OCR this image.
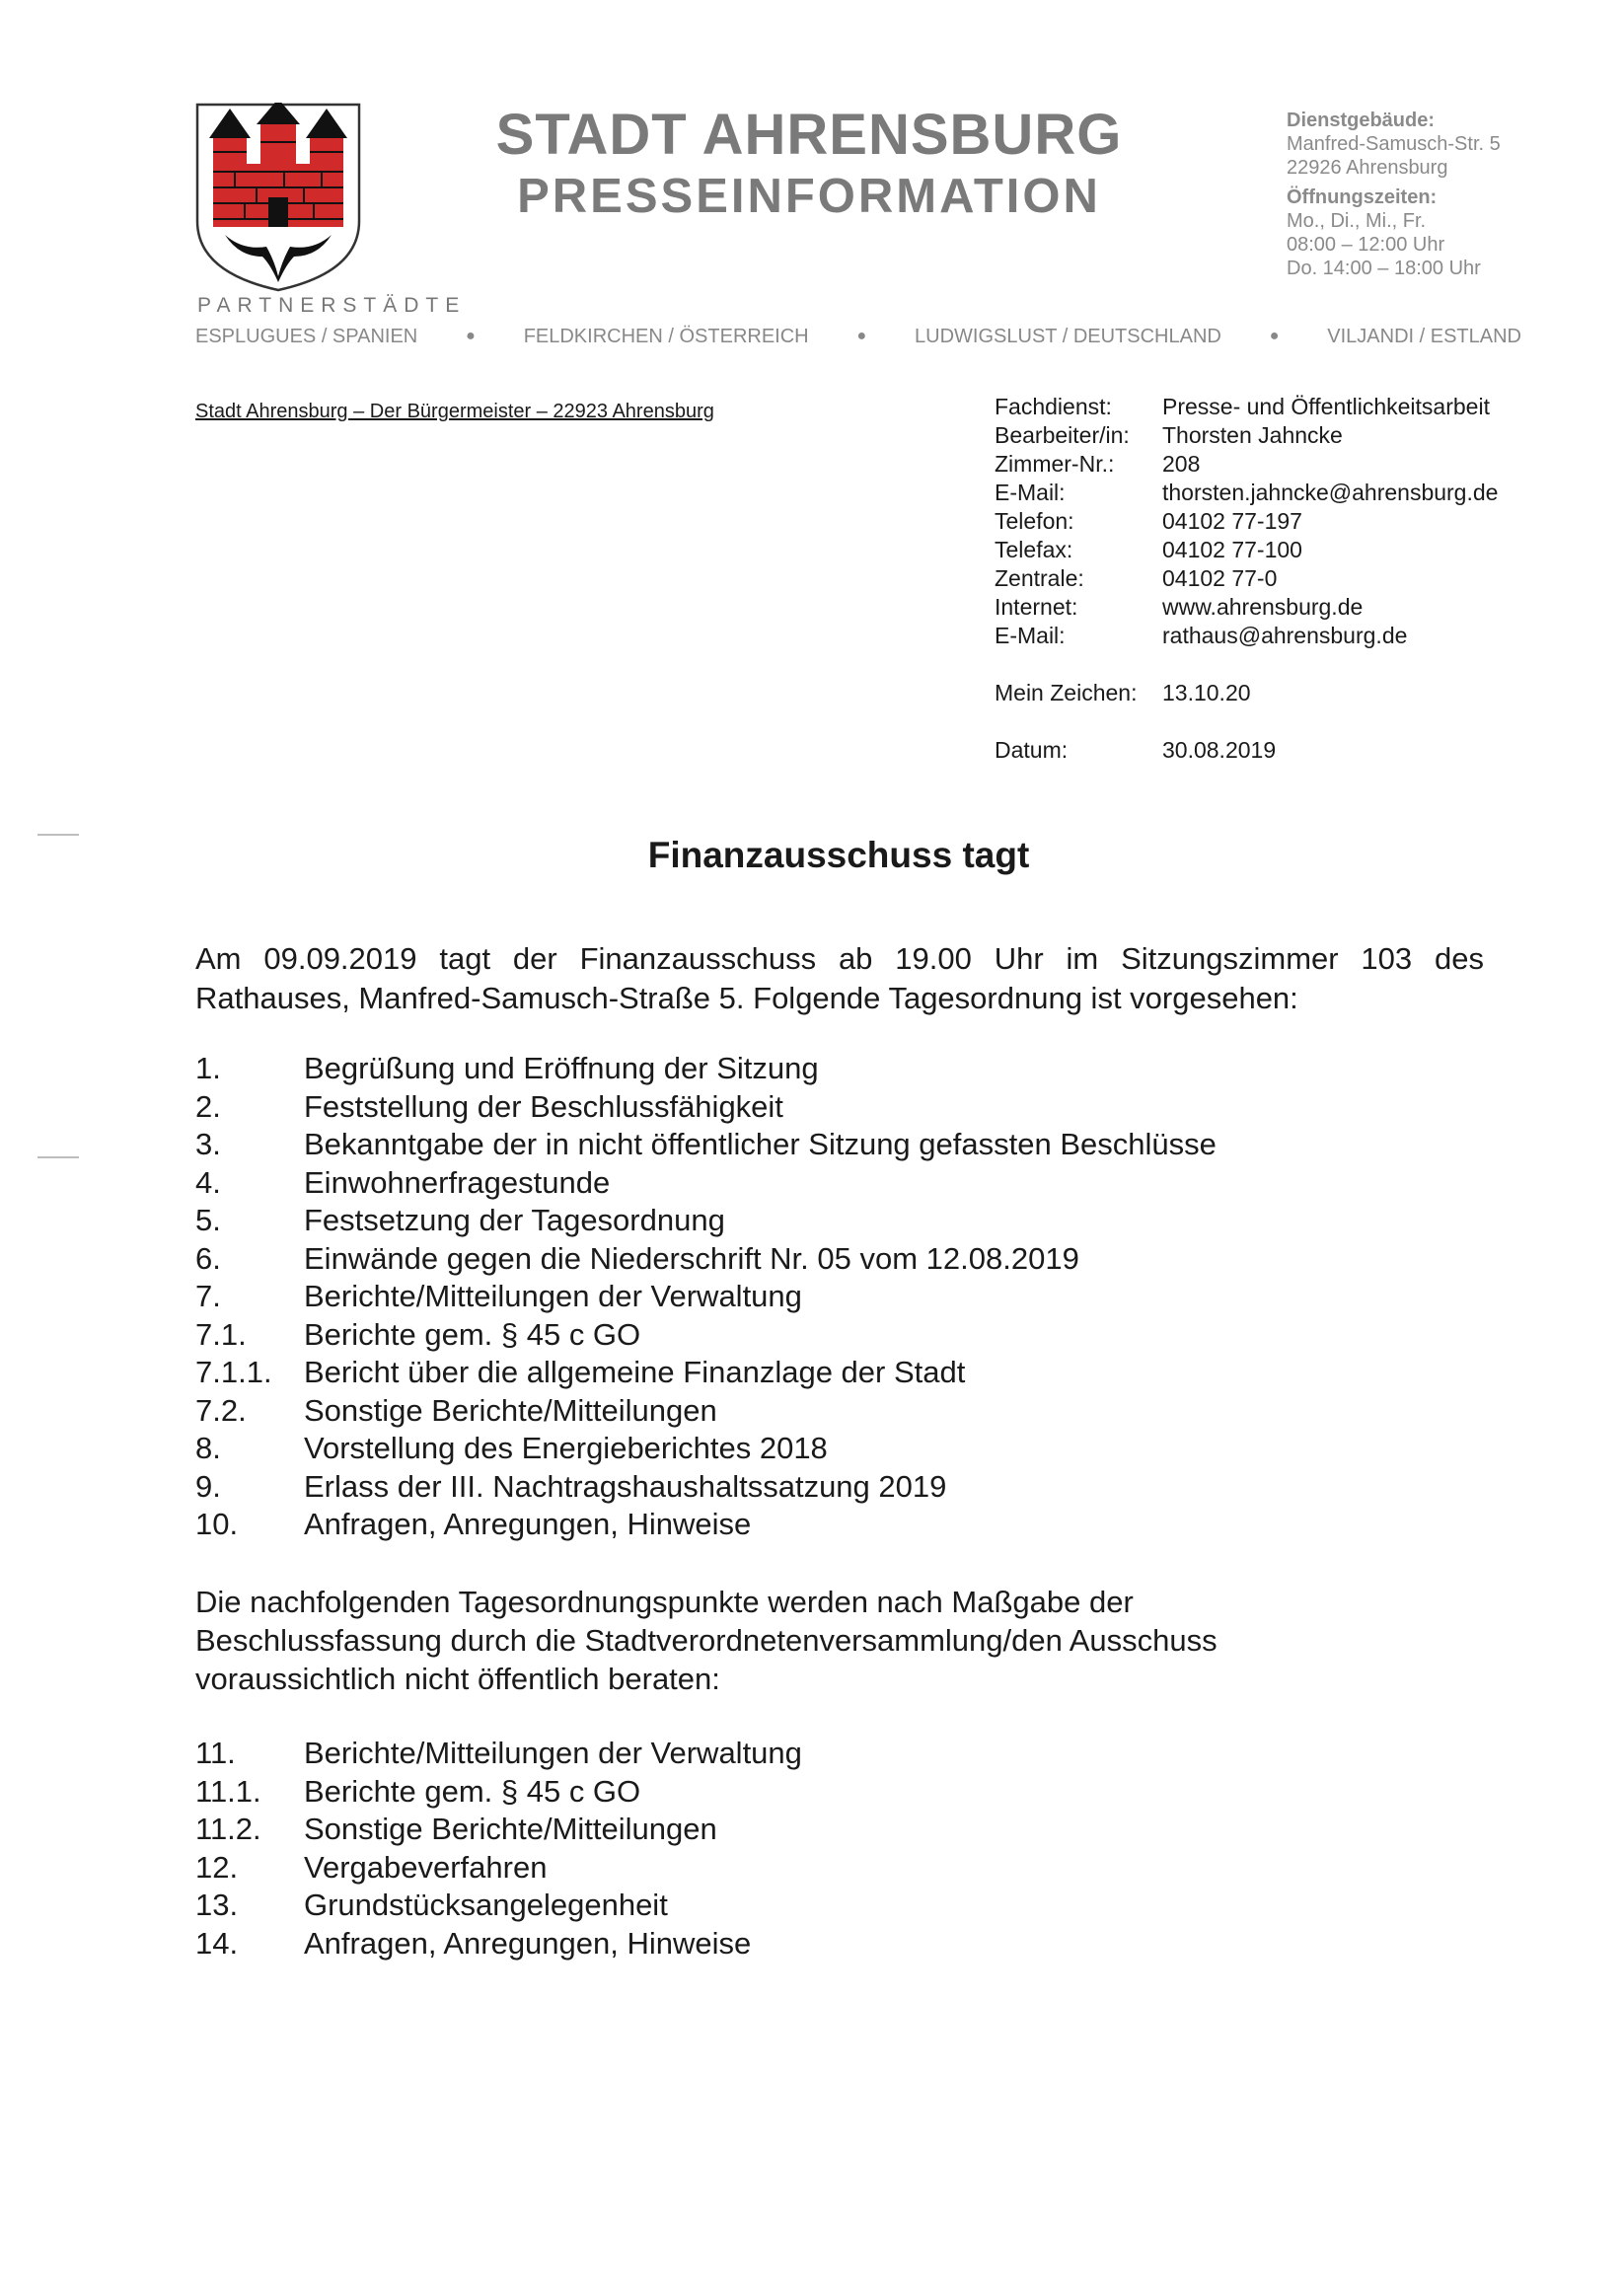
STADT AHRENSBURG
PRESSEINFORMATION
Dienstgebäude:
Manfred-Samusch-Str. 5
22926 Ahrensburg
Öffnungszeiten:
Mo., Di., Mi., Fr.
08:00 – 12:00 Uhr
Do. 14:00 – 18:00 Uhr
PARTNERSTÄDTE
ESPLUGUES / SPANIEN	● FELDKIRCHEN / ÖSTERREICH	● LUDWIGSLUST / DEUTSCHLAND	● VILJANDI / ESTLAND
Stadt Ahrensburg – Der Bürgermeister – 22923 Ahrensburg	Fachdienst:	Presse- und Öffentlichkeitsarbeit
Bearbeiter/in:	Thorsten Jahncke
Zimmer-Nr.:	208
E-Mail:	thorsten.jahncke@ahrensburg.de
Telefon:	04102 77-197
Telefax:	04102 77-100
Zentrale:	04102 77-0
Internet:	www.ahrensburg.de
E-Mail:	rathaus@ahrensburg.de

Mein Zeichen:	13.10.20

Datum:	30.08.2019
Finanzausschuss tagt
Am 09.09.2019 tagt der Finanzausschuss ab 19.00 Uhr im Sitzungszimmer 103 des Rathauses, Manfred-Samusch-Straße 5. Folgende Tagesordnung ist vorgesehen:
1.	Begrüßung und Eröffnung der Sitzung
2.	Feststellung der Beschlussfähigkeit
3.	Bekanntgabe der in nicht öffentlicher Sitzung gefassten Beschlüsse
4.	Einwohnerfragestunde
5.	Festsetzung der Tagesordnung
6.	Einwände gegen die Niederschrift Nr. 05 vom 12.08.2019
7.	Berichte/Mitteilungen der Verwaltung
7.1.	Berichte gem. § 45 c GO
7.1.1.	Bericht über die allgemeine Finanzlage der Stadt
7.2.	Sonstige Berichte/Mitteilungen
8.	Vorstellung des Energieberichtes 2018
9.	Erlass der III. Nachtragshaushaltssatzung 2019
10.	Anfragen, Anregungen, Hinweise
Die nachfolgenden Tagesordnungspunkte werden nach Maßgabe der Beschlussfassung durch die Stadtverordnetenversammlung/den Ausschuss voraussichtlich nicht öffentlich beraten:
11.	Berichte/Mitteilungen der Verwaltung
11.1.	Berichte gem. § 45 c GO
11.2.	Sonstige Berichte/Mitteilungen
12.	Vergabeverfahren
13.	Grundstücksangelegenheit
14.	Anfragen, Anregungen, Hinweise
